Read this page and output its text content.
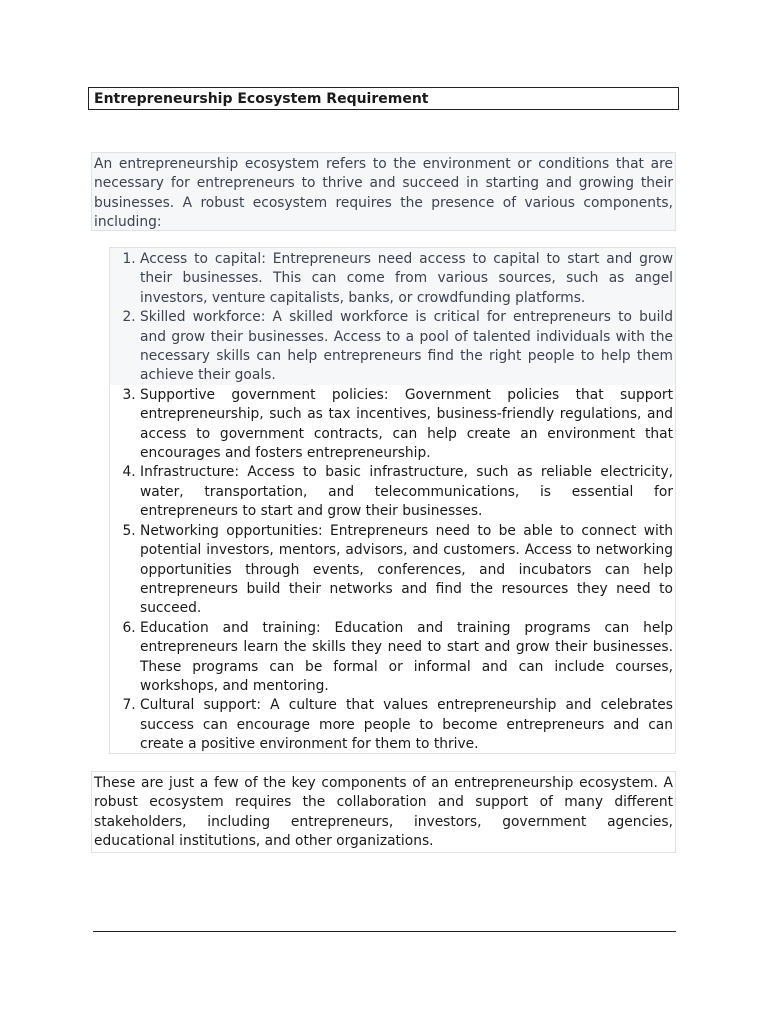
Entrepreneurship Ecosystem Requirement
An entrepreneurship ecosystem refers to the environment or conditions that are necessary for entrepreneurs to thrive and succeed in starting and growing their businesses. A robust ecosystem requires the presence of various components, including:
1. Access to capital: Entrepreneurs need access to capital to start and grow their businesses. This can come from various sources, such as angel investors, venture capitalists, banks, or crowdfunding platforms.
2. Skilled workforce: A skilled workforce is critical for entrepreneurs to build and grow their businesses. Access to a pool of talented individuals with the necessary skills can help entrepreneurs find the right people to help them achieve their goals.
3. Supportive government policies: Government policies that support entrepreneurship, such as tax incentives, business-friendly regulations, and access to government contracts, can help create an environment that encourages and fosters entrepreneurship.
4. Infrastructure: Access to basic infrastructure, such as reliable electricity, water, transportation, and telecommunications, is essential for entrepreneurs to start and grow their businesses.
5. Networking opportunities: Entrepreneurs need to be able to connect with potential investors, mentors, advisors, and customers. Access to networking opportunities through events, conferences, and incubators can help entrepreneurs build their networks and find the resources they need to succeed.
6. Education and training: Education and training programs can help entrepreneurs learn the skills they need to start and grow their businesses. These programs can be formal or informal and can include courses, workshops, and mentoring.
7. Cultural support: A culture that values entrepreneurship and celebrates success can encourage more people to become entrepreneurs and can create a positive environment for them to thrive.
These are just a few of the key components of an entrepreneurship ecosystem. A robust ecosystem requires the collaboration and support of many different stakeholders, including entrepreneurs, investors, government agencies, educational institutions, and other organizations.
